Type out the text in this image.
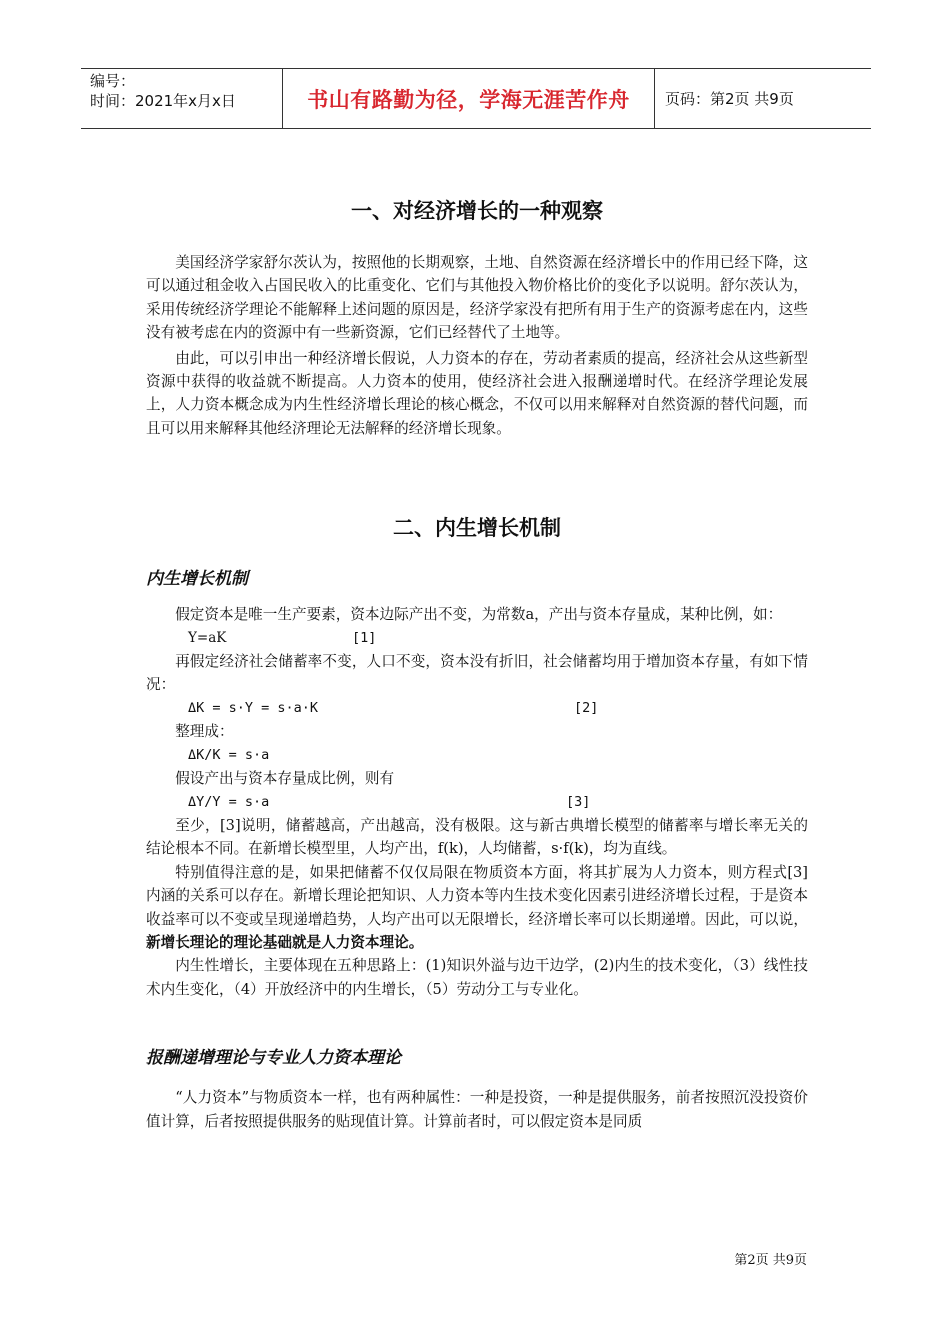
编号：
时间：2021年x月x日	书山有路勤为径，学海无涯苦作舟	页码：第2页 共9页
一、对经济增长的一种观察

美国经济学家舒尔茨认为，按照他的长期观察，土地、自然资源在经济增长中的作用已经下降，这可以通过租金收入占国民收入的比重变化、它们与其他投入物价格比价的变化予以说明。舒尔茨认为，采用传统经济学理论不能解释上述问题的原因是，经济学家没有把所有用于生产的资源考虑在内，这些没有被考虑在内的资源中有一些新资源，它们已经替代了土地等。

由此，可以引申出一种经济增长假说，人力资本的存在，劳动者素质的提高，经济社会从这些新型资源中获得的收益就不断提高。人力资本的使用，使经济社会进入报酬递增时代。在经济学理论发展上，人力资本概念成为内生性经济增长理论的核心概念，不仅可以用来解释对自然资源的替代问题，而且可以用来解释其他经济理论无法解释的经济增长现象。

二、内生增长机制
内生增长机制

假定资本是唯一生产要素，资本边际产出不变，为常数a，产出与资本存量成，某种比例，如：

Y=aK	[1]

再假定经济社会储蓄率不变，人口不变，资本没有折旧，社会储蓄均用于增加资本存量，有如下情况：

ΔK = s·Y = s·a·K	[2]

整理成：

ΔK/K = s·a

假设产出与资本存量成比例，则有

ΔY/Y = s·a	[3]

至少，[3]说明，储蓄越高，产出越高，没有极限。这与新古典增长模型的储蓄率与增长率无关的结论根本不同。在新增长模型里，人均产出，f(k)，人均储蓄，s·f(k)，均为直线。

特别值得注意的是，如果把储蓄不仅仅局限在物质资本方面，将其扩展为人力资本，则方程式[3]内涵的关系可以存在。新增长理论把知识、人力资本等内生技术变化因素引进经济增长过程，于是资本收益率可以不变或呈现递增趋势，人均产出可以无限增长，经济增长率可以长期递增。因此，可以说，新增长理论的理论基础就是人力资本理论。

内生性增长，主要体现在五种思路上：(1)知识外溢与边干边学，(2)内生的技术变化，（3）线性技术内生变化，（4）开放经济中的内生增长，（5）劳动分工与专业化。

报酬递增理论与专业人力资本理论

“人力资本”与物质资本一样，也有两种属性：一种是投资，一种是提供服务，前者按照沉没投资价值计算，后者按照提供服务的贴现值计算。计算前者时，可以假定资本是同质

第2页 共9页
